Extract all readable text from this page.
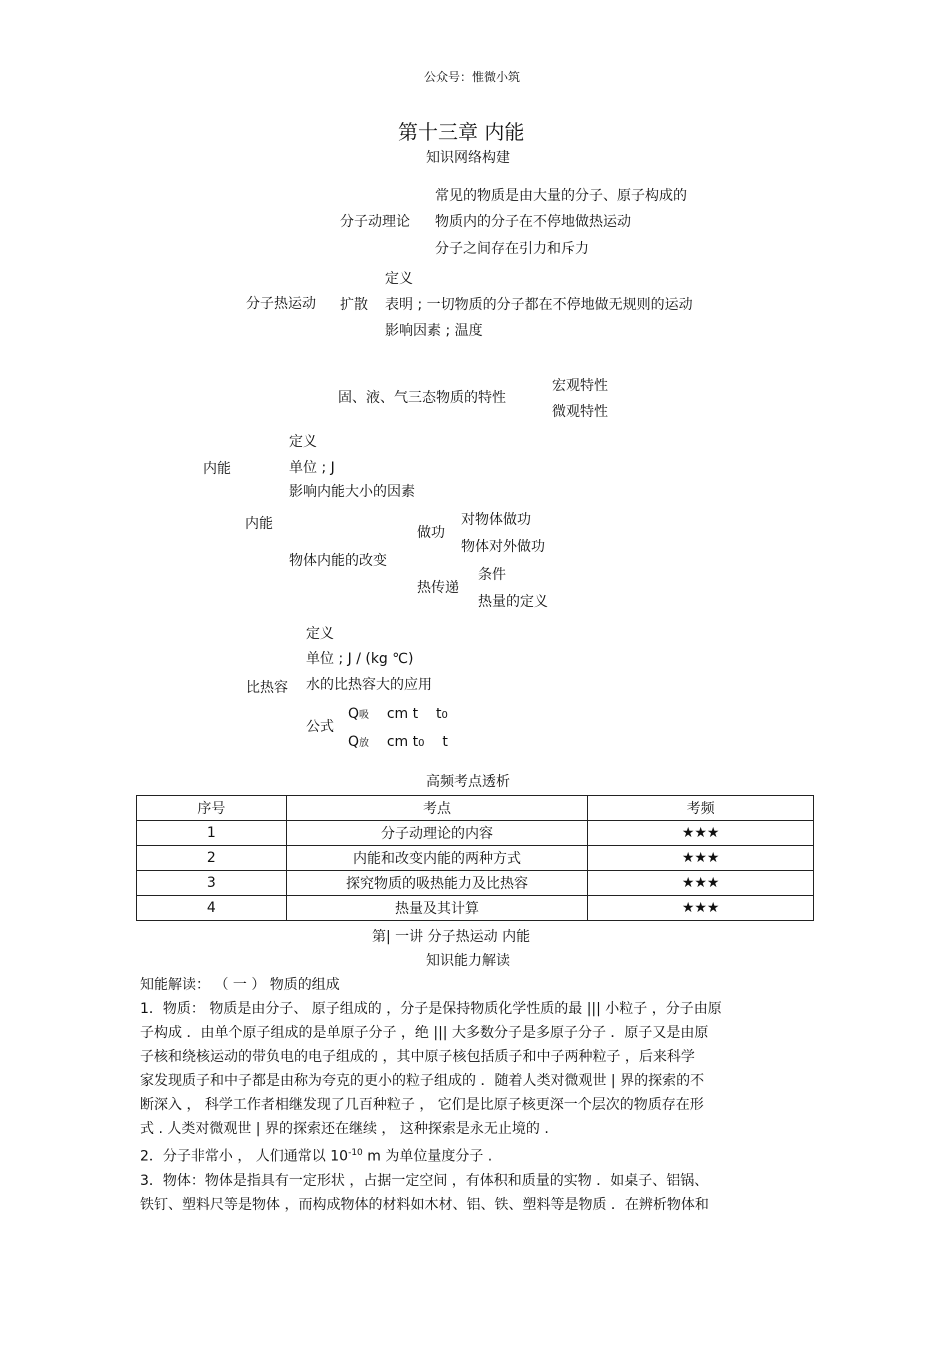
公众号：惟微小筑
第十三章 内能
知识网络构建
常见的物质是由大量的分子、原子构成的
分子动理论 物质内的分子在不停地做热运动
分子之间存在引力和斥力
定义
分子热运动 扩散 表明 ; 一切物质的分子都在不停地做无规则的运动
影响因素 ; 温度
宏观特性
固、液、气三态物质的特性
微观特性
定义
内能	单位 ; J
影响内能大小的因素
对物体做功
内能
做功
物体对外做功
物体内能的改变
条件
热传递
热量的定义
定义
单位 ; J / (kg ℃)
比热容 水的比热容大的应用
公式
Q吸 cm t t0
Q放 cm t0 t
高频考点透析
序号	考点	考频
1	分子动理论的内容	★★★
2	内能和改变内能的两种方式	★★★
3	探究物质的吸热能力及比热容	★★★
4	热量及其计算	★★★
第| 一讲 分子热运动 内能
知识能力解读

知能解读： （ 一 ） 物质的组成

1．物质： 物质是由分子、 原子组成的 ，分子是保持物质化学性质的最 ||| 小粒子 ，分子由原

子构成 ．由单个原子组成的是单原子分子 ，绝 ||| 大多数分子是多原子分子 ．原子又是由原

子核和绕核运动的带负电的电子组成的 ，其中原子核包括质子和中子两种粒子 ，后来科学

家发现质子和中子都是由称为夸克的更小的粒子组成的 ．随着人类对微观世 | 界的探索的不

断深入 ， 科学工作者相继发现了几百种粒子 ， 它们是比原子核更深一个层次的物质存在形

式 . 人类对微观世 | 界的探索还在继续 ， 这种探索是永无止境的 .

2．分子非常小 ， 人们通常以 $10^{-10}$ m 为单位量度分子 .

3．物体：物体是指具有一定形状 ，占据一定空间 ，有体积和质量的实物 ．如桌子、铝锅、

铁钉、塑料尺等是物体 ，而构成物体的材料如木材、铝、铁、塑料等是物质 ．在辨析物体和
